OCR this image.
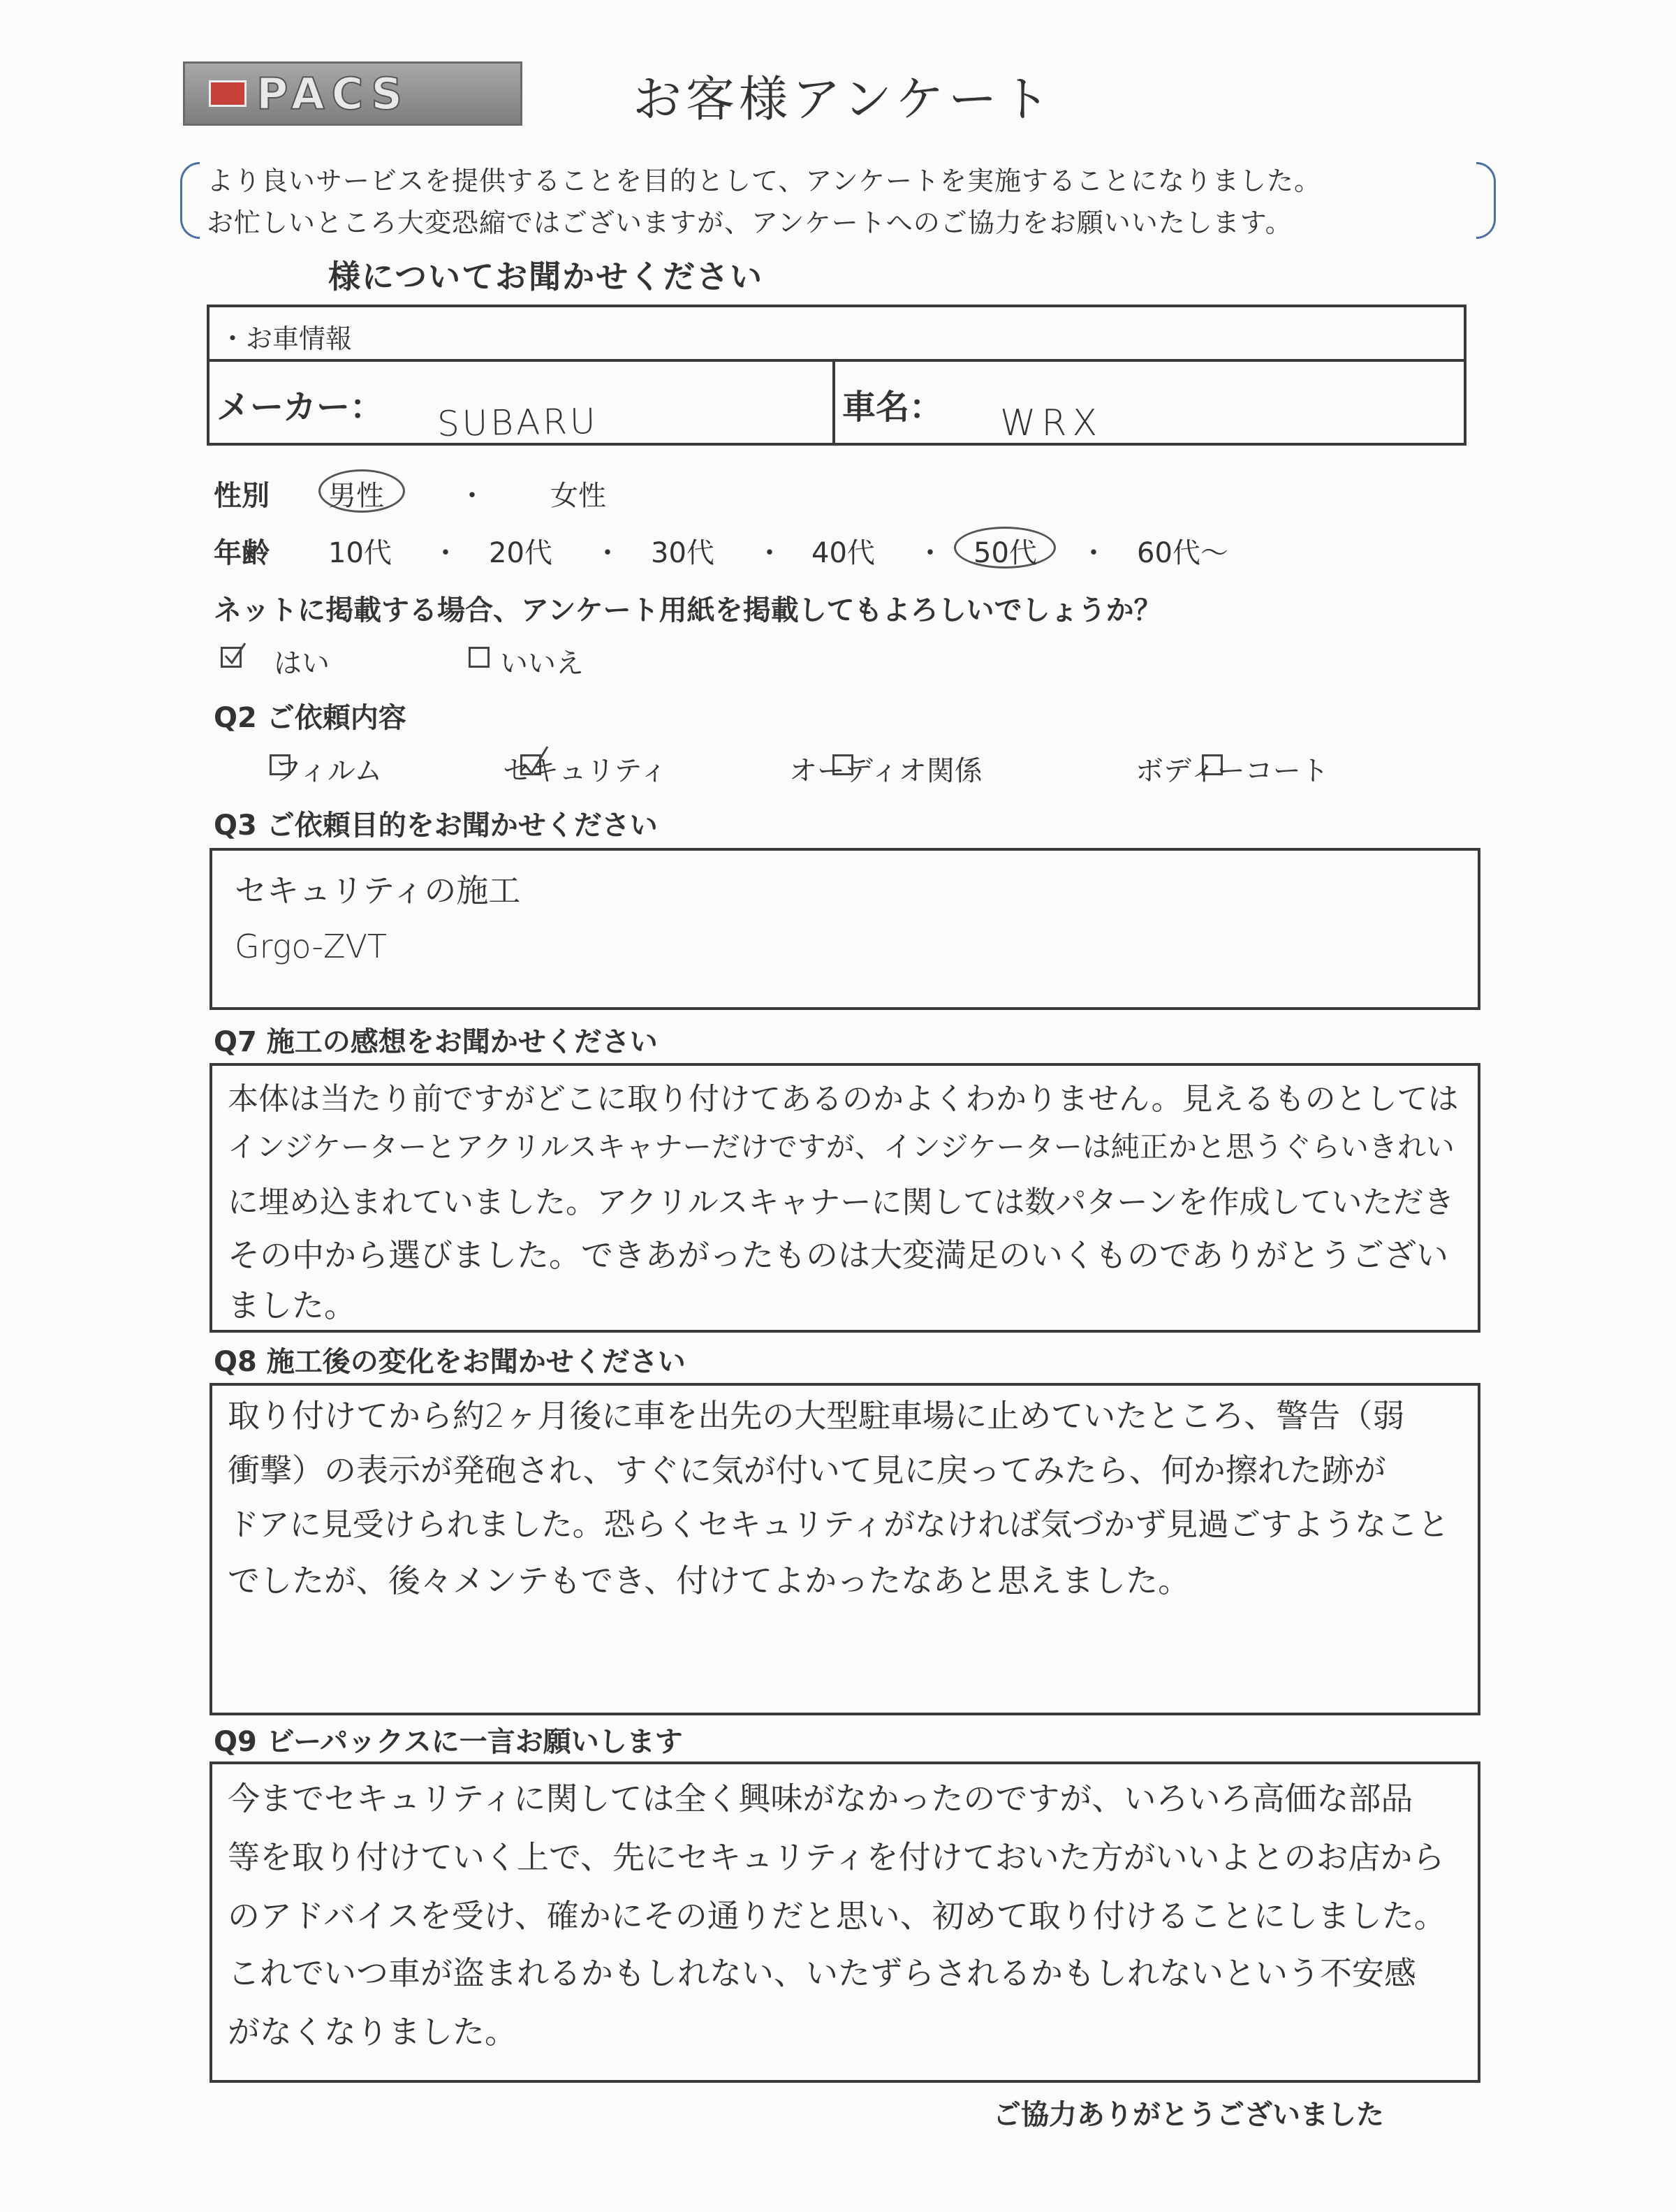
PACS	お客様アンケート
より良いサービスを提供することを目的として、アンケートを実施することになりました。
お忙しいところ大変恐縮ではございますが、アンケートへのご協力をお願いいたします。
様についてお聞かせください
・お車情報
メーカー： SUBARU	車名： WRX
性別 男性	・ 女性
年齢 10代 ・ 20代 ・ 30代 ・ 40代 ・ 50代 ・ 60代〜
ネットに掲載する場合、アンケート用紙を掲載してもよろしいでしょうか？

はい
	いいえ
Q2 ご依頼内容

フィルム
	セキュリティ
	オーディオ関係	ボディーコート
Q3 ご依頼目的をお聞かせください
セキュリティの施工
Grgo-ZVT
Q7 施工の感想をお聞かせください
本体は当たり前ですがどこに取り付けてあるのかよくわかりません。見えるものとしては
インジケーターとアクリルスキャナーだけですが、インジケーターは純正かと思うぐらいきれい
に埋め込まれていました。アクリルスキャナーに関しては数パターンを作成していただき
その中から選びました。できあがったものは大変満足のいくものでありがとうござい
ました。
Q8 施工後の変化をお聞かせください
取り付けてから約2ヶ月後に車を出先の大型駐車場に止めていたところ、警告（弱
衝撃）の表示が発砲され、すぐに気が付いて見に戻ってみたら、何か擦れた跡が
ドアに見受けられました。恐らくセキュリティがなければ気づかず見過ごすようなこと
でしたが、後々メンテもでき、付けてよかったなあと思えました。
Q9 ビーパックスに一言お願いします
今までセキュリティに関しては全く興味がなかったのですが、いろいろ高価な部品
等を取り付けていく上で、先にセキュリティを付けておいた方がいいよとのお店から
のアドバイスを受け、確かにその通りだと思い、初めて取り付けることにしました。
これでいつ車が盗まれるかもしれない、いたずらされるかもしれないという不安感
がなくなりました。
ご協力ありがとうございました
